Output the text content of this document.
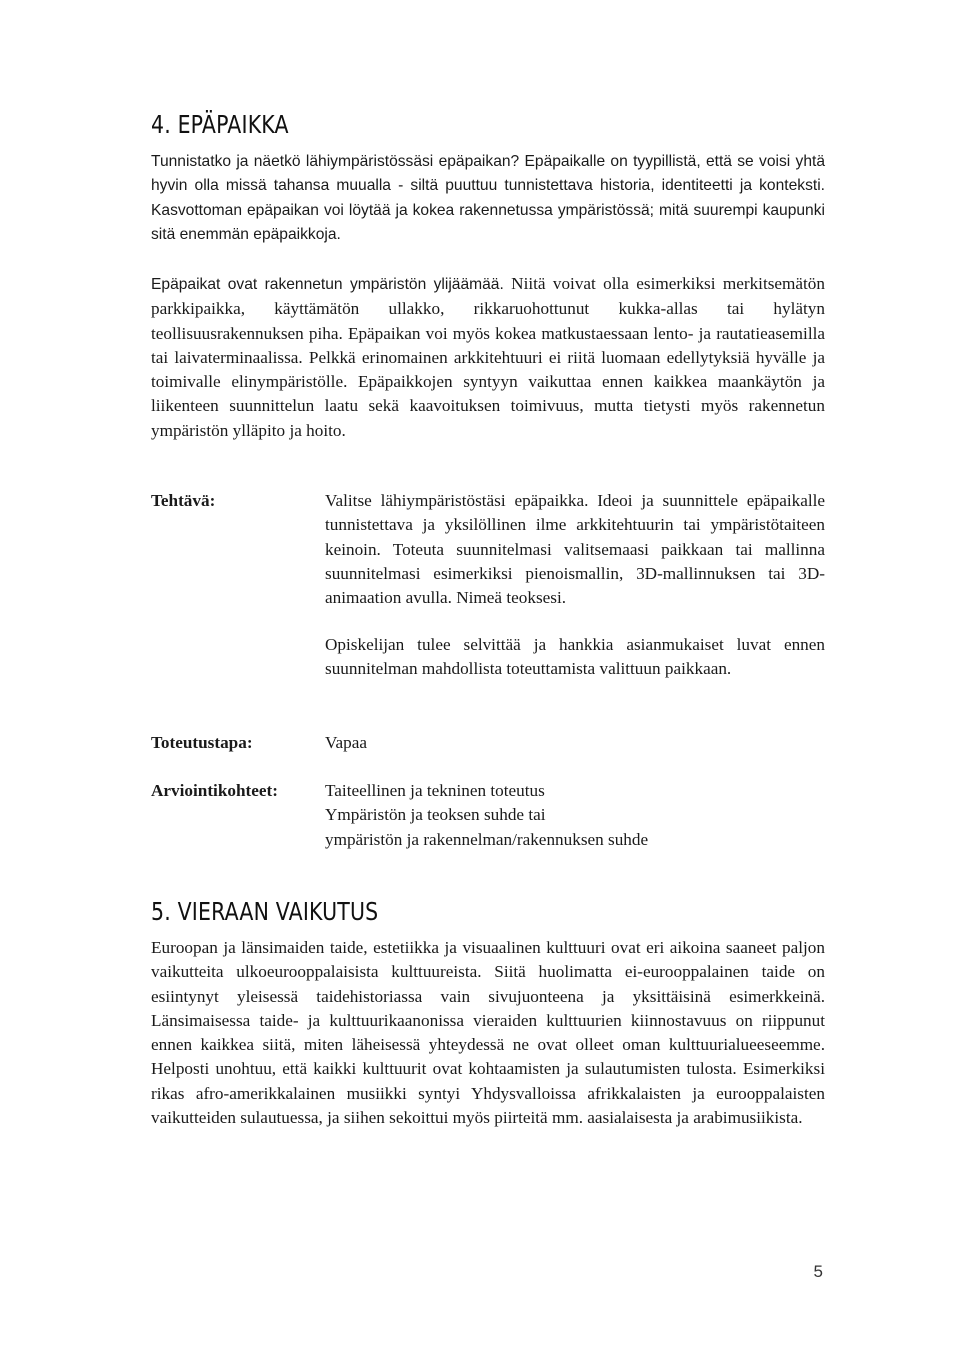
4. EPÄPAIKKA

Tunnistatko ja näetkö lähiympäristössäsi epäpaikan? Epäpaikalle on tyypillistä, että se voisi yhtä hyvin olla missä tahansa muualla - siltä puuttuu tunnistettava historia, identiteetti ja konteksti. Kasvottoman epäpaikan voi löytää ja kokea rakennetussa ympäristössä; mitä suurempi kaupunki sitä enemmän epäpaikkoja.

Epäpaikat ovat rakennetun ympäristön ylijäämää. Niitä voivat olla esimerkiksi merkitsemätön parkkipaikka, käyttämätön ullakko, rikkaruohottunut kukka-allas tai hylätyn teollisuusrakennuksen piha. Epäpaikan voi myös kokea matkustaessaan lento- ja rautatieasemilla tai laivaterminaalissa. Pelkkä erinomainen arkkitehtuuri ei riitä luomaan edellytyksiä hyvälle ja toimivalle elinympäristölle. Epäpaikkojen syntyyn vaikuttaa ennen kaikkea maankäytön ja liikenteen suunnittelun laatu sekä kaavoituksen toimivuus, mutta tietysti myös rakennetun ympäristön ylläpito ja hoito.

Tehtävä:	Valitse lähiympäristöstäsi epäpaikka. Ideoi ja suunnittele epäpaikalle tunnistettava ja yksilöllinen ilme arkkitehtuurin tai ympäristötaiteen keinoin. Toteuta suunnitelmasi valitsemaasi paikkaan tai mallinna suunnitelmasi esimerkiksi pienoismallin, 3D-mallinnuksen tai 3D-animaation avulla. Nimeä teoksesi.

Opiskelijan tulee selvittää ja hankkia asianmukaiset luvat ennen suunnitelman mahdollista toteuttamista valittuun paikkaan.

Toteutustapa:	Vapaa

Arviointikohteet:	Taiteellinen ja tekninen toteutus
Ympäristön ja teoksen suhde tai
ympäristön ja rakennelman/rakennuksen suhde
5. VIERAAN VAIKUTUS

Euroopan ja länsimaiden taide, estetiikka ja visuaalinen kulttuuri ovat eri aikoina saaneet paljon vaikutteita ulkoeurooppalaisista kulttuureista. Siitä huolimatta ei-eurooppalainen taide on esiintynyt yleisessä taidehistoriassa vain sivujuonteena ja yksittäisinä esimerkkeinä. Länsimaisessa taide- ja kulttuurikaanonissa vieraiden kulttuurien kiinnostavuus on riippunut ennen kaikkea siitä, miten läheisessä yhteydessä ne ovat olleet oman kulttuurialueeseemme. Helposti unohtuu, että kaikki kulttuurit ovat kohtaamisten ja sulautumisten tulosta. Esimerkiksi rikas afro-amerikkalainen musiikki syntyi Yhdysvalloissa afrikkalaisten ja eurooppalaisten vaikutteiden sulautuessa, ja siihen sekoittui myös piirteitä mm. aasialaisesta ja arabimusiikista.

5
